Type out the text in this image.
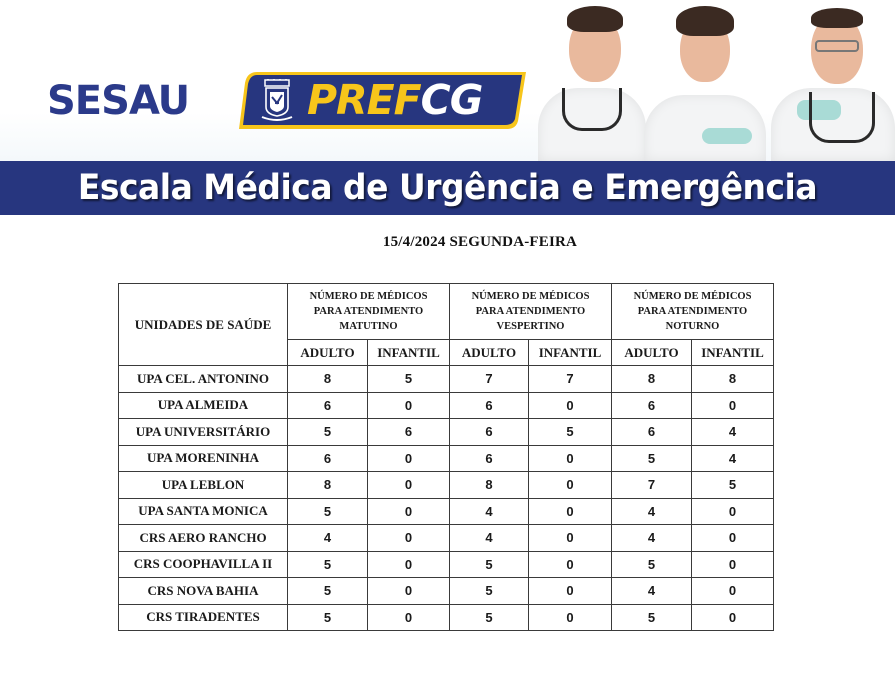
SESAU	PREFCG
Escala Médica de Urgência e Emergência
15/4/2024 SEGUNDA-FEIRA
UNIDADES DE SAÚDE	
NÚMERO DE MÉDICOS
PARA ATENDIMENTO
MATUTINO

NÚMERO DE MÉDICOS
PARA ATENDIMENTO
VESPERTINO

NÚMERO DE MÉDICOS
PARA ATENDIMENTO
NOTURNO

	ADULTO	INFANTIL	ADULTO	INFANTIL	ADULTO	INFANTIL
UPA CEL. ANTONINO	8	5	7	7	8	8
UPA ALMEIDA	6	0	6	0	6	0
UPA UNIVERSITÁRIO	5	6	6	5	6	4
UPA MORENINHA	6	0	6	0	5	4
UPA LEBLON	8	0	8	0	7	5
UPA SANTA MONICA	5	0	4	0	4	0
CRS AERO RANCHO	4	0	4	0	4	0
CRS COOPHAVILLA II	5	0	5	0	5	0
CRS NOVA BAHIA	5	0	5	0	4	0
CRS TIRADENTES	5	0	5	0	5	0
